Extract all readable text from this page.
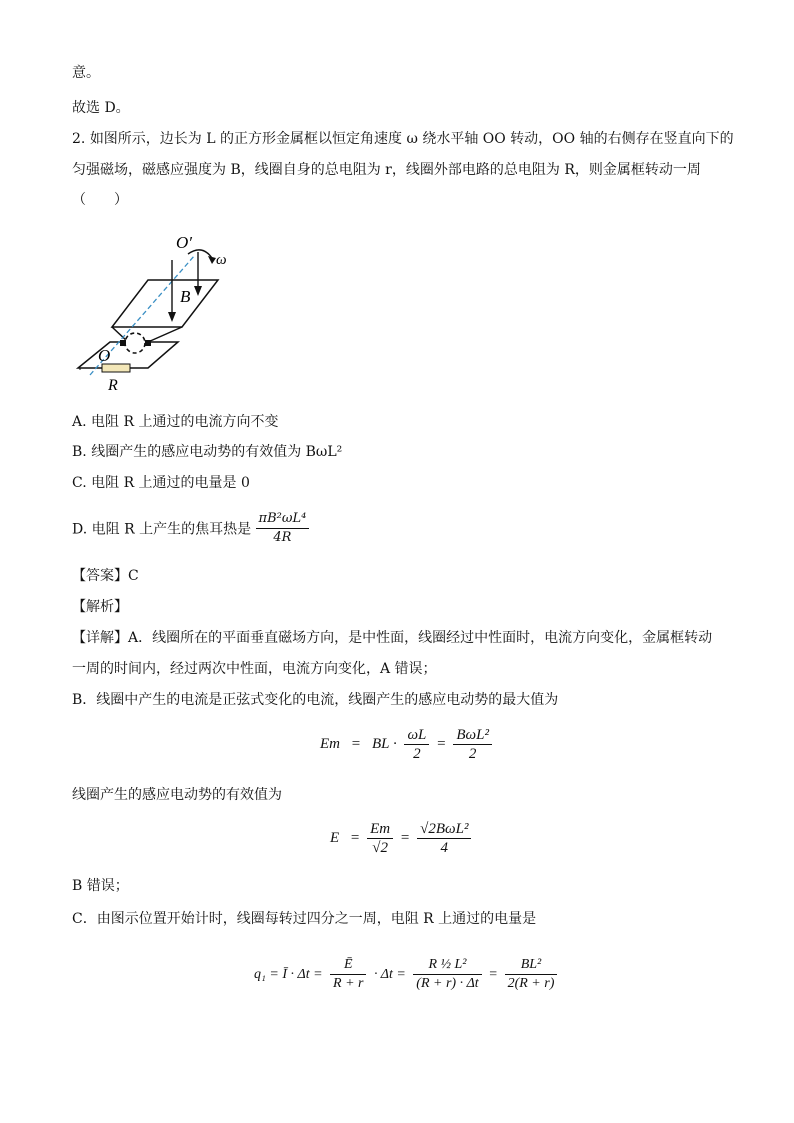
意。
故选 D。
2. 如图所示，边长为 L 的正方形金属框以恒定角速度 ω 绕水平轴 OO 转动，OO 轴的右侧存在竖直向下的
匀强磁场，磁感应强度为 B，线圈自身的总电阻为 r，线圈外部电路的总电阻为 R，则金属框转动一周
（　　）
O′
ω
B
O
R
A. 电阻 R 上通过的电流方向不变
B. 线圈产生的感应电动势的有效值为 BωL²
C. 电阻 R 上通过的电量是 0
D. 电阻 R 上产生的焦耳热是 $\frac{\text{πB²ωL⁴}}{4R}$
【答案】C
【解析】
【详解】A．线圈所在的平面垂直磁场方向，是中性面，线圈经过中性面时，电流方向变化，金属框转动
一周的时间内，经过两次中性面，电流方向变化，A 错误；
B．线圈中产生的电流是正弦式变化的电流，线圈产生的感应电动势的最大值为
Em = BL · $\frac{\omega L}{2} = \frac{\text{BωL²}}{2}$
线圈产生的感应电动势的有效值为
$E = \frac{Em}{√2} = \frac{\text{√2BωL²}}{4}$
B 错误；
C．由图示位置开始计时，线圈每转过四分之一周，电阻 R 上通过的电量是
q₁ = Ī · $\Delta t = \frac{Ē}{R + r} \cdot \Delta t = \frac{\text{R ½ L²}}{(R + r) \cdot \Delta t} = \frac{\text{BL²}}{2(R + r)}$
